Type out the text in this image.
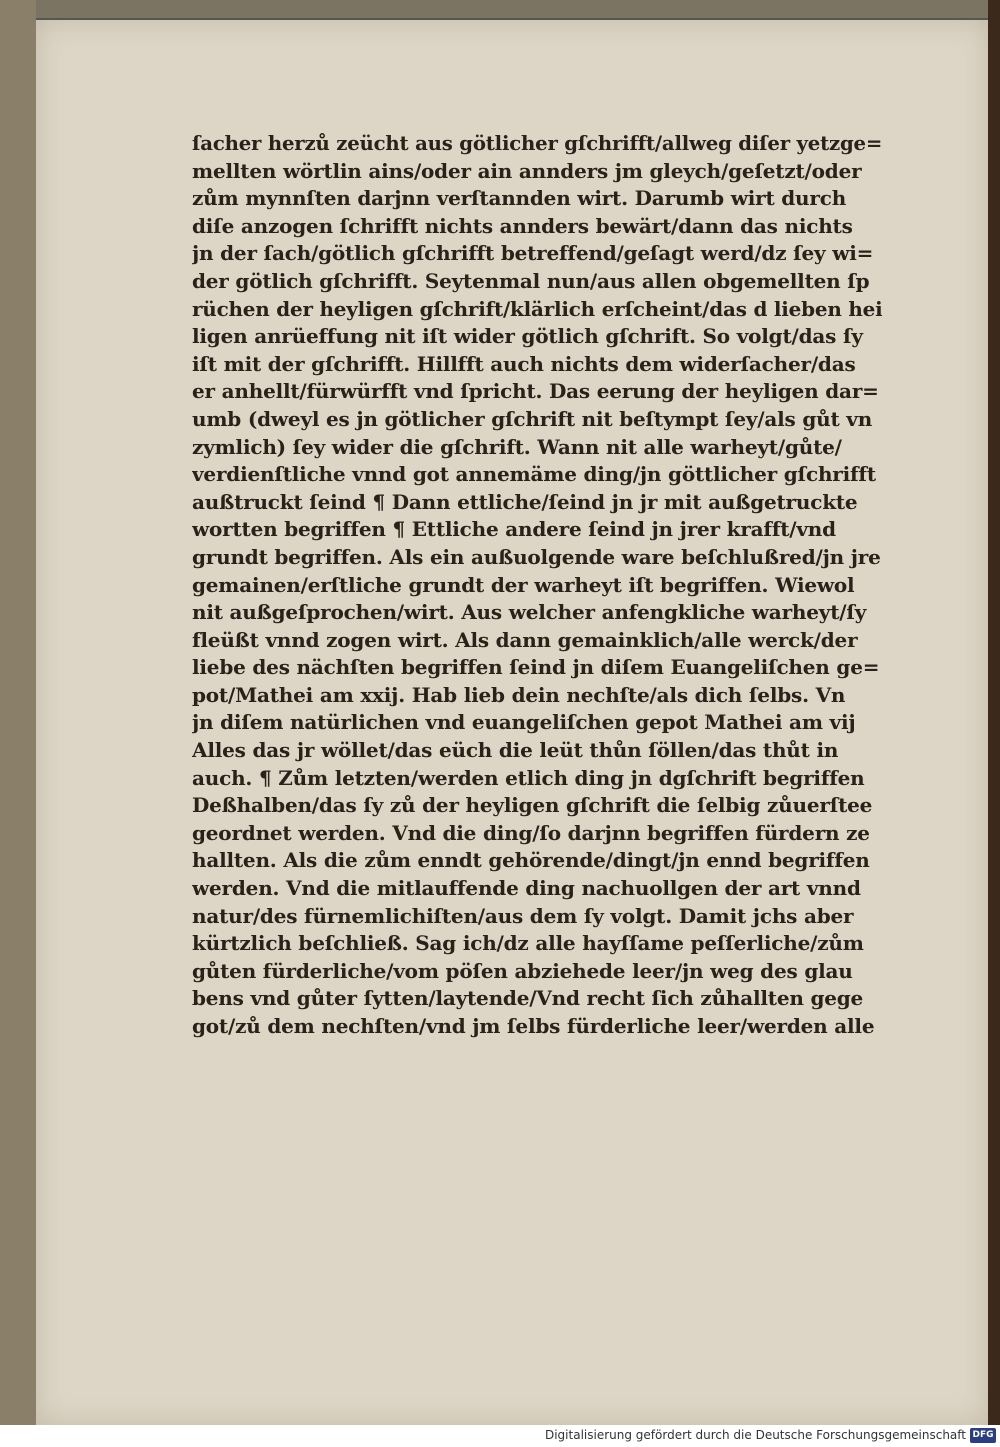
ſacher herzů zeücht aus götlicher gſchrifft/allweg diſer yetzge=
mellten wörtlin ains/oder ain annders jm gleych/geſetzt/oder
zům mynnſten darjnn verſtannden wirt. Darumb wirt durch
diſe anzogen ſchrifft nichts annders bewärt/dann das nichts
jn der ſach/götlich gſchrifft betreffend/geſagt werd/dz ſey wi=
der götlich gſchrifft. Seytenmal nun/aus allen obgemellten ſp
rüchen der heyligen gſchrift/klärlich erſcheint/das d lieben hei
ligen anrüeffung nit iſt wider götlich gſchrift. So volgt/das ſy
iſt mit der gſchrifft. Hillfft auch nichts dem widerſacher/das
er anhellt/fürwürfft vnd ſpricht. Das eerung der heyligen dar=
umb (dweyl es jn götlicher gſchrift nit beſtympt ſey/als gůt vn
zymlich) ſey wider die gſchrift. Wann nit alle warheyt/gůte/
verdienſtliche vnnd got annemäme ding/jn göttlicher gſchrifft
außtruckt ſeind ¶ Dann ettliche/ſeind jn jr mit außgetruckte
wortten begriffen ¶ Ettliche andere ſeind jn jrer krafft/vnd
grundt begriffen. Als ein außuolgende ware beſchlußred/jn jre
gemainen/erſtliche grundt der warheyt iſt begriffen. Wiewol
nit außgeſprochen/wirt. Aus welcher anfengkliche warheyt/ſy
fleüßt vnnd zogen wirt. Als dann gemainklich/alle werck/der
liebe des nächſten begriffen ſeind jn diſem Euangeliſchen ge=
pot/Mathei am xxij. Hab lieb dein nechſte/als dich ſelbs. Vn
jn diſem natürlichen vnd euangeliſchen gepot Mathei am vij
Alles das jr wöllet/das eüch die leüt thůn ſöllen/das thůt in
auch. ¶ Zům letzten/werden etlich ding jn dgſchrift begriffen
Deßhalben/das ſy zů der heyligen gſchrift die ſelbig zůuerſtee
geordnet werden. Vnd die ding/ſo darjnn begriffen fürdern ze
hallten. Als die zům enndt gehörende/dingt/jn ennd begriffen
werden. Vnd die mitlauffende ding nachuollgen der art vnnd
natur/des fürnemlichiſten/aus dem ſy volgt. Damit jchs aber
kürtzlich beſchließ. Sag ich/dz alle hayſſame peſſerliche/zům
gůten fürderliche/vom pöſen abziehede leer/jn weg des glau
bens vnd gůter ſytten/laytende/Vnd recht ſich zůhallten gege
got/zů dem nechſten/vnd jm ſelbs fürderliche leer/werden alle
Digitalisierung gefördert durch die Deutsche Forschungsgemeinschaft DFG
